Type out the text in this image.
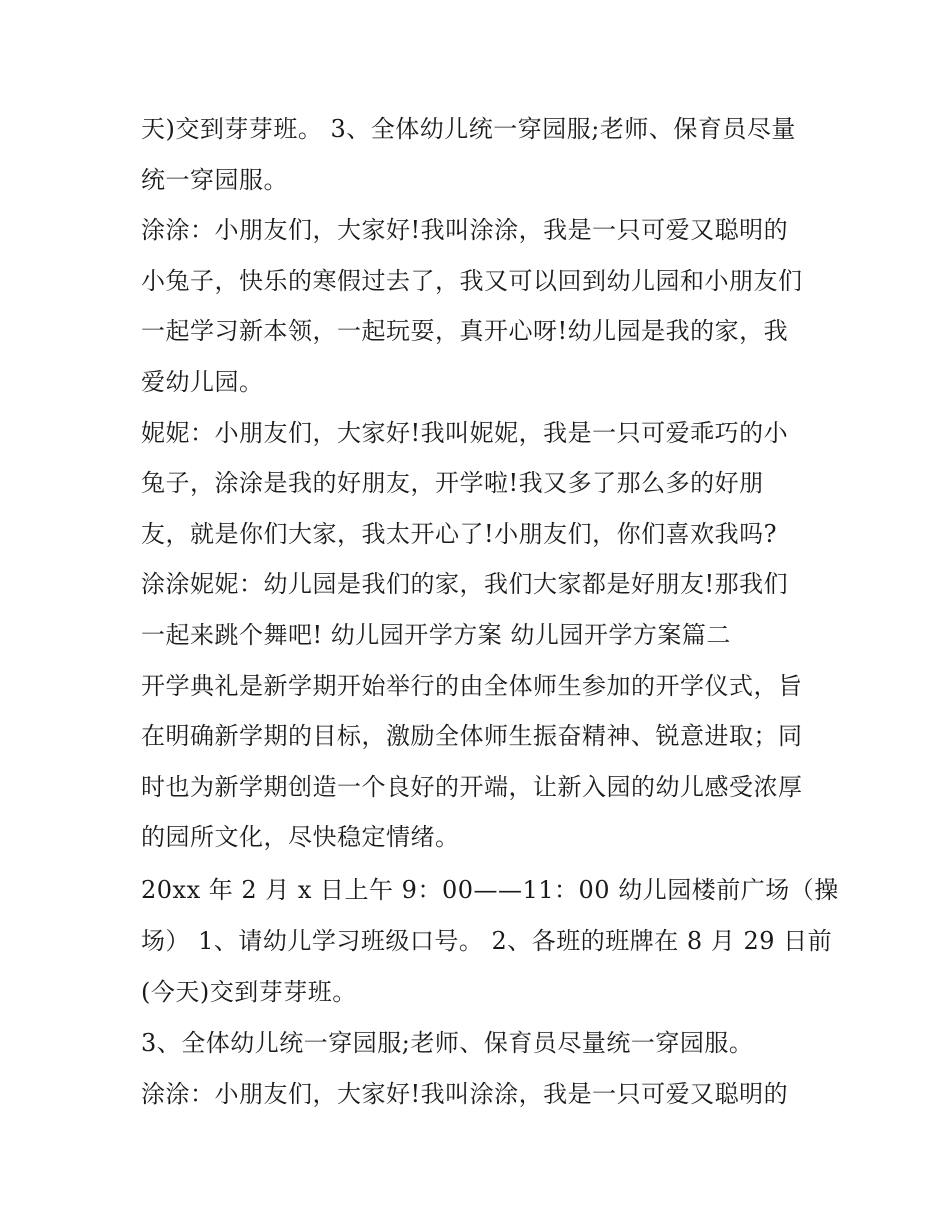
天)交到芽芽班。 3、全体幼儿统一穿园服;老师、保育员尽量
统一穿园服。
涂涂：小朋友们，大家好!我叫涂涂，我是一只可爱又聪明的
小兔子，快乐的寒假过去了，我又可以回到幼儿园和小朋友们
一起学习新本领，一起玩耍，真开心呀!幼儿园是我的家，我
爱幼儿园。
妮妮：小朋友们，大家好!我叫妮妮，我是一只可爱乖巧的小
兔子，涂涂是我的好朋友，开学啦!我又多了那么多的好朋
友，就是你们大家，我太开心了!小朋友们，你们喜欢我吗?
涂涂妮妮：幼儿园是我们的家，我们大家都是好朋友!那我们
一起来跳个舞吧! 幼儿园开学方案 幼儿园开学方案篇二
开学典礼是新学期开始举行的由全体师生参加的开学仪式，旨
在明确新学期的目标，激励全体师生振奋精神、锐意进取；同
时也为新学期创造一个良好的开端，让新入园的幼儿感受浓厚
的园所文化，尽快稳定情绪。
20xx 年 2 月 x 日上午 9：00——11：00 幼儿园楼前广场（操
场） 1、请幼儿学习班级口号。 2、各班的班牌在 8 月 29 日前
(今天)交到芽芽班。
3、全体幼儿统一穿园服;老师、保育员尽量统一穿园服。
涂涂：小朋友们，大家好!我叫涂涂，我是一只可爱又聪明的
